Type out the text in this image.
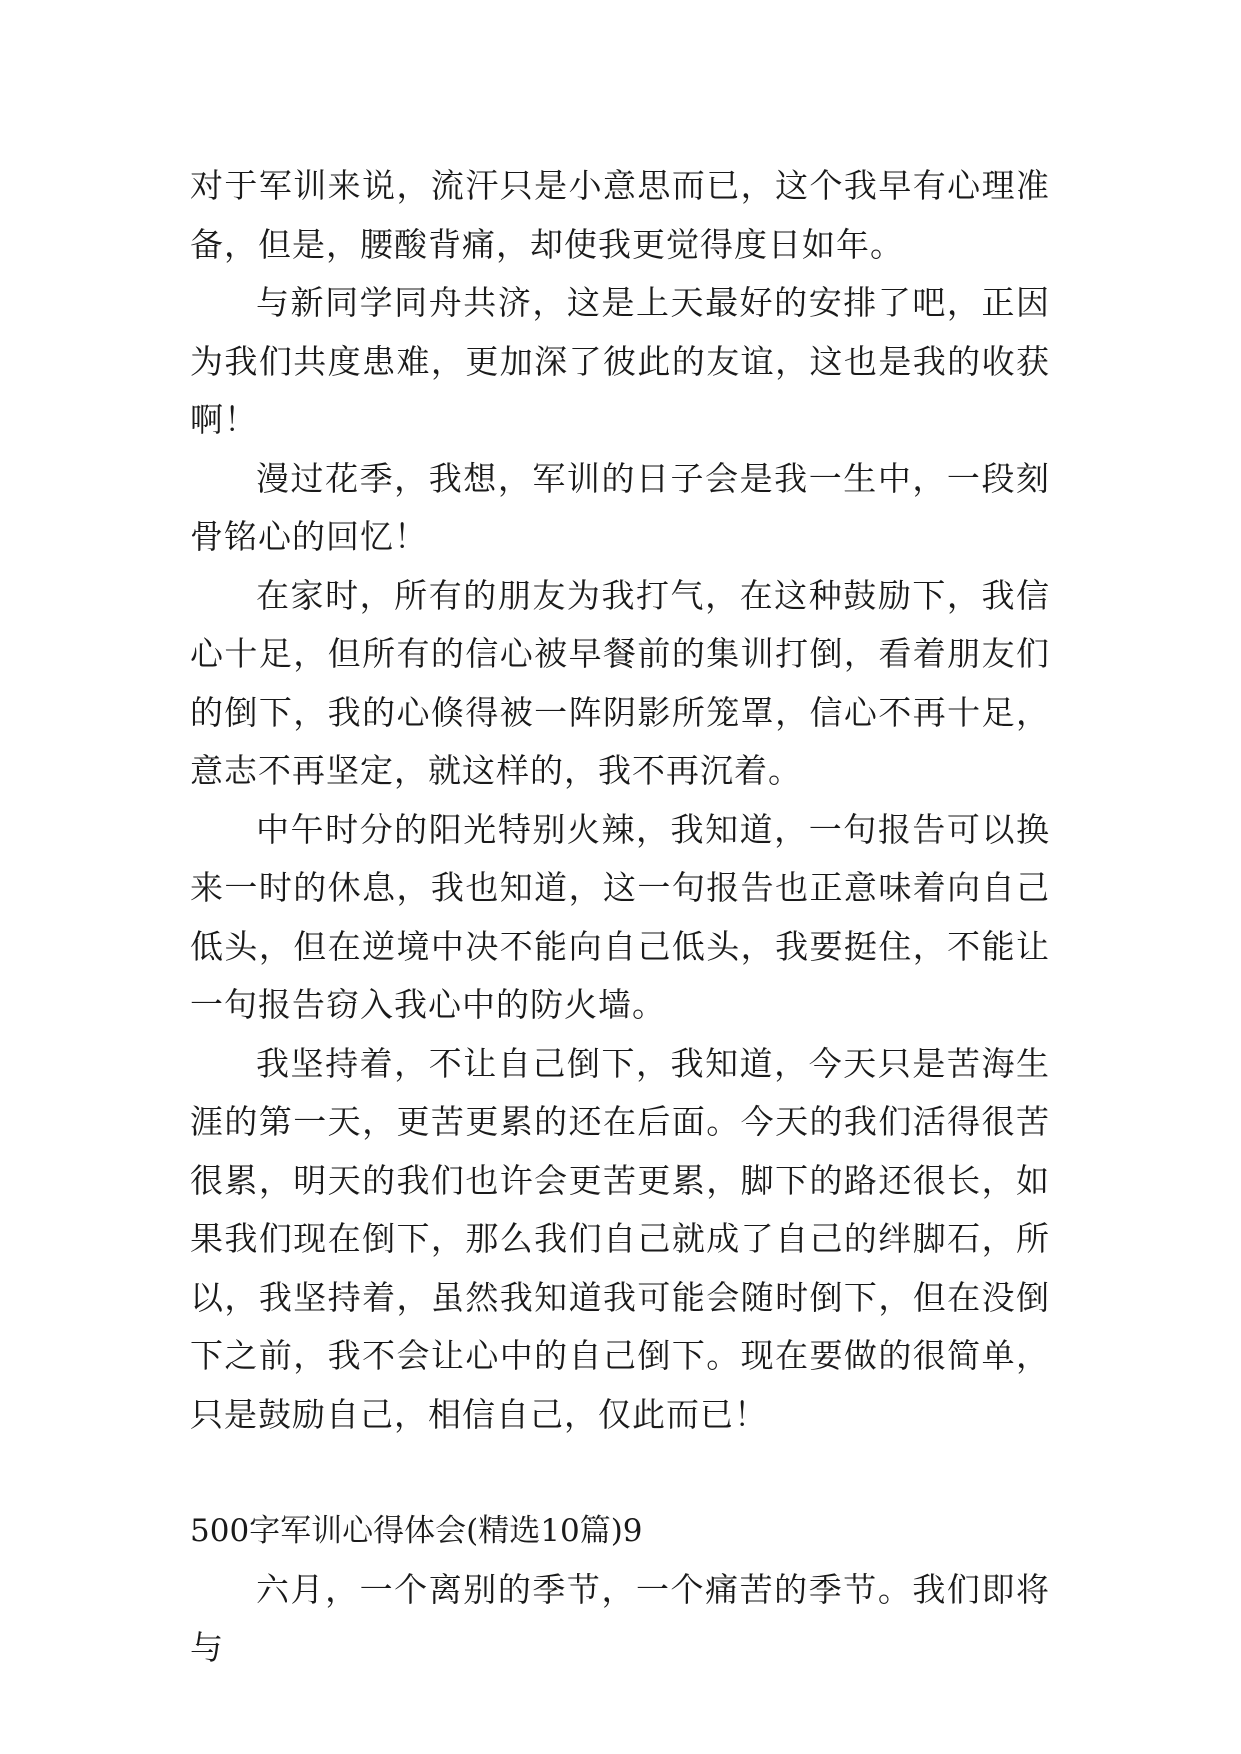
对于军训来说，流汗只是小意思而已，这个我早有心理准备，但是，腰酸背痛，却使我更觉得度日如年。

与新同学同舟共济，这是上天最好的安排了吧，正因为我们共度患难，更加深了彼此的友谊，这也是我的收获啊！

漫过花季，我想，军训的日子会是我一生中，一段刻骨铭心的回忆！

在家时，所有的朋友为我打气，在这种鼓励下，我信心十足，但所有的信心被早餐前的集训打倒，看着朋友们的倒下，我的心倏得被一阵阴影所笼罩，信心不再十足，意志不再坚定，就这样的，我不再沉着。

中午时分的阳光特别火辣，我知道，一句报告可以换来一时的休息，我也知道，这一句报告也正意味着向自己低头，但在逆境中决不能向自己低头，我要挺住，不能让一句报告窃入我心中的防火墙。

我坚持着，不让自己倒下，我知道，今天只是苦海生涯的第一天，更苦更累的还在后面。今天的我们活得很苦很累，明天的我们也许会更苦更累，脚下的路还很长，如果我们现在倒下，那么我们自己就成了自己的绊脚石，所以，我坚持着，虽然我知道我可能会随时倒下，但在没倒下之前，我不会让心中的自己倒下。现在要做的很简单，只是鼓励自己，相信自己，仅此而已！

500字军训心得体会(精选10篇)9

六月，一个离别的季节，一个痛苦的季节。我们即将与
